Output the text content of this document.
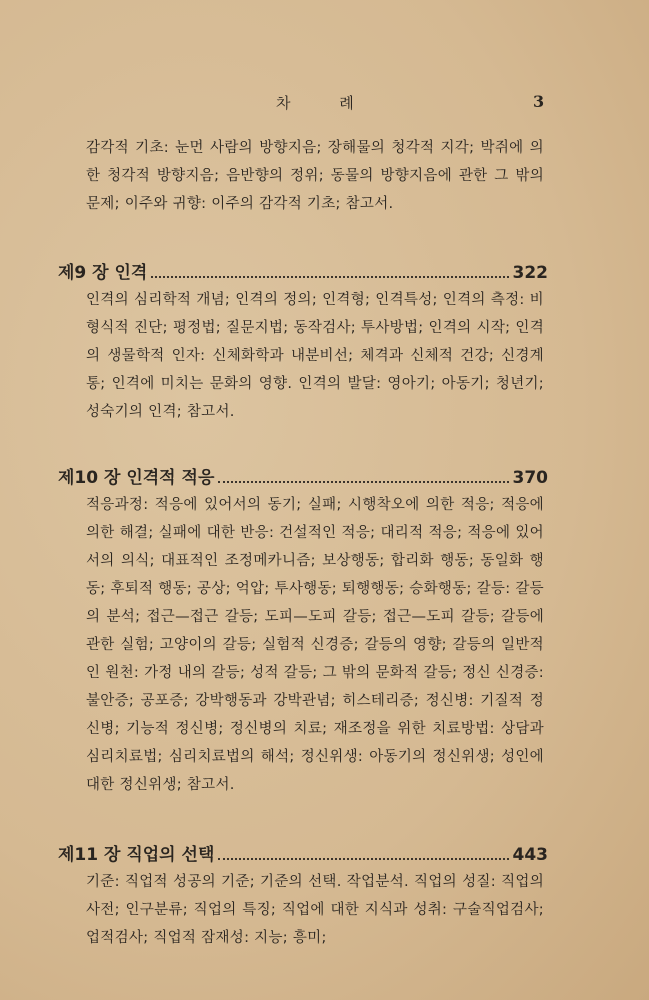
차 례	3

감각적 기초: 눈먼 사람의 방향지음; 장해물의 청각적 지각; 박쥐에 의한 청각적 방향지음; 음반향의 정위; 동물의 방향지음에 관한 그 밖의 문제; 이주와 귀향: 이주의 감각적 기초; 참고서.

제9 장 인격	322

인격의 심리학적 개념; 인격의 정의; 인격형; 인격특성; 인격의 측정: 비형식적 진단; 평정법; 질문지법; 동작검사; 투사방법; 인격의 시작; 인격의 생물학적 인자: 신체화학과 내분비선; 체격과 신체적 건강; 신경계통; 인격에 미치는 문화의 영향. 인격의 발달: 영아기; 아동기; 청년기; 성숙기의 인격; 참고서.

제10 장 인격적 적응	370

적응과정: 적응에 있어서의 동기; 실패; 시행착오에 의한 적응; 적응에 의한 해결; 실패에 대한 반응: 건설적인 적응; 대리적 적응; 적응에 있어서의 의식; 대표적인 조정메카니즘; 보상행동; 합리화 행동; 동일화 행동; 후퇴적 행동; 공상; 억압; 투사행동; 퇴행행동; 승화행동; 갈등: 갈등의 분석; 접근—접근 갈등; 도피—도피 갈등; 접근—도피 갈등; 갈등에 관한 실험; 고양이의 갈등; 실험적 신경증; 갈등의 영향; 갈등의 일반적인 원천: 가정 내의 갈등; 성적 갈등; 그 밖의 문화적 갈등; 정신 신경증: 불안증; 공포증; 강박행동과 강박관념; 히스테리증; 정신병: 기질적 정신병; 기능적 정신병; 정신병의 치료; 재조정을 위한 치료방법: 상담과 심리치료법; 심리치료법의 해석; 정신위생: 아동기의 정신위생; 성인에 대한 정신위생; 참고서.

제11 장 직업의 선택	443

기준: 직업적 성공의 기준; 기준의 선택. 작업분석. 직업의 성질: 직업의 사전; 인구분류; 직업의 특징; 직업에 대한 지식과 성취: 구술직업검사; 업적검사; 직업적 잠재성: 지능; 흥미;
